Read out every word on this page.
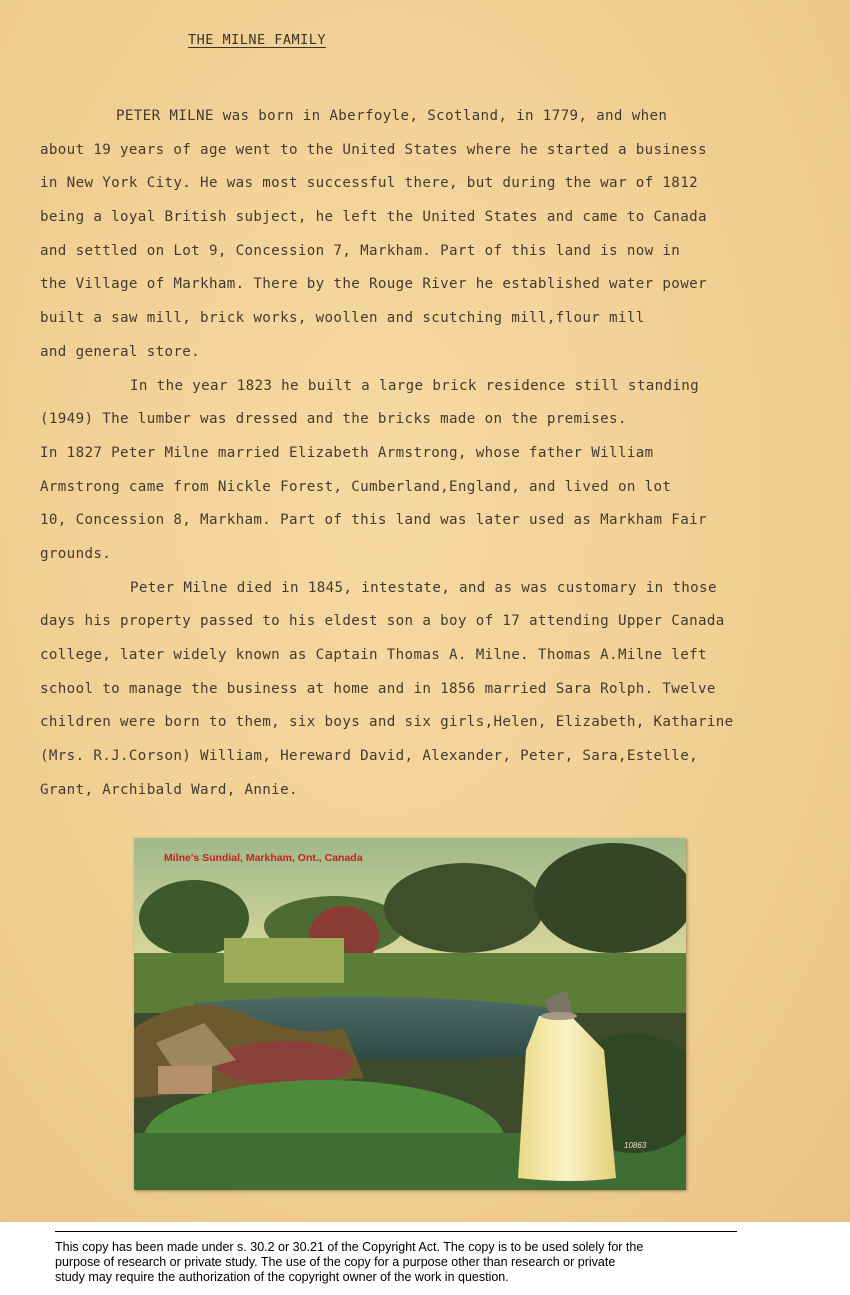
THE MILNE FAMILY
PETER MILNE was born in Aberfoyle, Scotland, in 1779, and when
about 19 years of age went to the United States where he started a business
in New York City. He was most successful there, but during the war of 1812
being a loyal British subject, he left the United States and came to Canada
and settled on Lot 9, Concession 7, Markham. Part of this land is now in
the Village of Markham. There by the Rouge River he established water power
built a saw mill, brick works, woollen and scutching mill,flour mill
and general store.
In the year 1823 he built a large brick residence still standing
(1949) The lumber was dressed and the bricks made on the premises.
In 1827 Peter Milne married Elizabeth Armstrong, whose father William
Armstrong came from Nickle Forest, Cumberland,England, and lived on lot
10, Concession 8, Markham. Part of this land was later used as Markham Fair
grounds.
Peter Milne died in 1845, intestate, and as was customary in those
days his property passed to his eldest son a boy of 17 attending Upper Canada
college, later widely known as Captain Thomas A. Milne. Thomas A.Milne left
school to manage the business at home and in 1856 married Sara Rolph. Twelve
children were born to them, six boys and six girls,Helen, Elizabeth, Katharine
(Mrs. R.J.Corson) William, Hereward David, Alexander, Peter, Sara,Estelle,
Grant, Archibald Ward, Annie.
Milne's Sundial, Markham, Ont., Canada
10863
This copy has been made under s. 30.2 or 30.21 of the Copyright Act. The copy is to be used solely for the
purpose of research or private study. The use of the copy for a purpose other than research or private
study may require the authorization of the copyright owner of the work in question.
